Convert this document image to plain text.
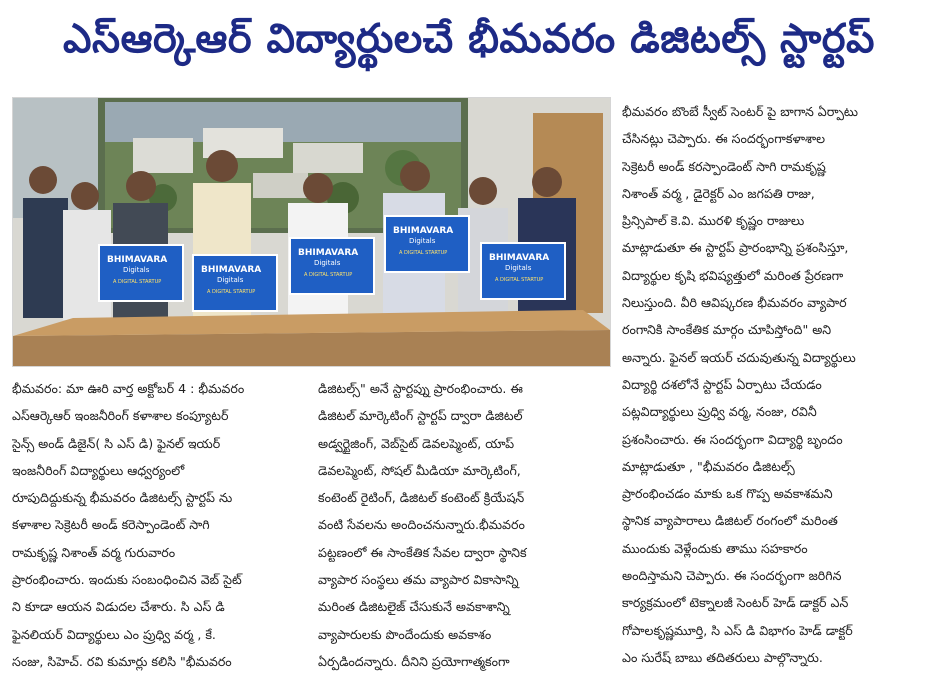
ఎస్ఆర్కెఆర్ విద్యార్థులచే భీమవరం డిజిటల్స్ స్టార్టప్
BHIMAVARA
BHIMAVARA
BHIMAVARA
BHIMAVARA
BHIMAVARA
Digitals
Digitals
Digitals
Digitals
Digitals
A DIGITAL STARTUP
A DIGITAL STARTUP
A DIGITAL STARTUP
A DIGITAL STARTUP
A DIGITAL STARTUP
భీమవరం: మా ఊరి వార్త అక్టోబర్ 4 : భీమవరం
ఎస్ఆర్కెఆర్ ఇంజనీరింగ్ కళాశాల కంప్యూటర్
సైన్స్ అండ్ డిజైన్( సి ఎస్ డి) ఫైనల్ ఇయర్
ఇంజనీరింగ్ విద్యార్థులు ఆధ్వర్యంలో
రూపుదిద్దుకున్న భీమవరం డిజిటల్స్ స్టార్టప్ ను
కళాశాల సెక్రెటరీ అండ్ కరెస్పాండెంట్ సాగి
రామకృష్ణ నిశాంత్ వర్మ గురువారం
ప్రారంభించారు. ఇందుకు సంబంధించిన వెబ్ సైట్
ని కూడా ఆయన విడుదల చేశారు. సి ఎస్ డి
ఫైనలియర్ విద్యార్థులు ఎం ప్రుధ్వి వర్మ , కే.
సంజు, సిహెచ్. రవి కుమార్లు కలిసి "భీమవరం
డిజిటల్స్" అనే స్టార్టప్ను ప్రారంభించారు. ఈ
డిజిటల్ మార్కెటింగ్ స్టార్టప్ ద్వారా డిజిటల్
అడ్వర్టైజింగ్, వెబ్‌సైట్ డెవలప్మెంట్, యాప్
డెవలప్మెంట్, సోషల్ మీడియా మార్కెటింగ్,
కంటెంట్ రైటింగ్, డిజిటల్ కంటెంట్ క్రియేషన్
వంటి సేవలను అందించనున్నారు.భీమవరం
పట్టణంలో ఈ సాంకేతిక సేవల ద్వారా స్థానిక
వ్యాపార సంస్థలు తమ వ్యాపార వికాసాన్ని
మరింత డిజిటలైజ్ చేసుకునే అవకాశాన్ని
వ్యాపారులకు పొందేందుకు అవకాశం
ఏర్పడిందన్నారు. దీనిని ప్రయోగాత్మకంగా
భీమవరం బొంబే స్వీట్ సెంటర్ పై బాగాన ఏర్పాటు
చేసినట్లు చెప్పారు. ఈ సందర్భంగాకళాశాల
సెక్రెటరీ అండ్ కరస్పాండెంట్ సాగి రామకృష్ణ
నిశాంత్ వర్మ , డైరెక్టర్ ఎం జగపతి రాజు,
ప్రిన్సిపాల్ కె.వి. మురళి కృష్ణం రాజులు
మాట్లాడుతూ ఈ స్టార్టప్ ప్రారంభాన్ని ప్రశంసిస్తూ,
విద్యార్థుల కృషి భవిష్యత్తులో మరింత ప్రేరణగా
నిలుస్తుంది. వీరి ఆవిష్కరణ భీమవరం వ్యాపార
రంగానికి సాంకేతిక మార్గం చూపిస్తోంది" అని
అన్నారు. ఫైనల్ ఇయర్ చదువుతున్న విద్యార్థులు
విద్యార్థి దశలోనే స్టార్టప్ ఏర్పాటు చేయడం
పట్లవిద్యార్థులు ప్రుధ్వి వర్మ, నంజు, రవినీ
ప్రశంసించారు. ఈ సందర్భంగా విద్యార్థి బృందం
మాట్లాడుతూ , "భీమవరం డిజిటల్స్
ప్రారంభించడం మాకు ఒక గొప్ప అవకాశమని
స్థానిక వ్యాపారాలు డిజిటల్ రంగంలో మరింత
ముందుకు వెళ్లేందుకు తాము సహకారం
అందిస్తామని చెప్పారు. ఈ సందర్భంగా జరిగిన
కార్యక్రమంలో టెక్నాలజీ సెంటర్ హెడ్ డాక్టర్ ఎన్
గోపాలకృష్ణమూర్తి, సి ఎస్ డి విభాగం హెడ్ డాక్టర్
ఎం సురేష్ బాబు తదితరులు పాల్గొన్నారు.
